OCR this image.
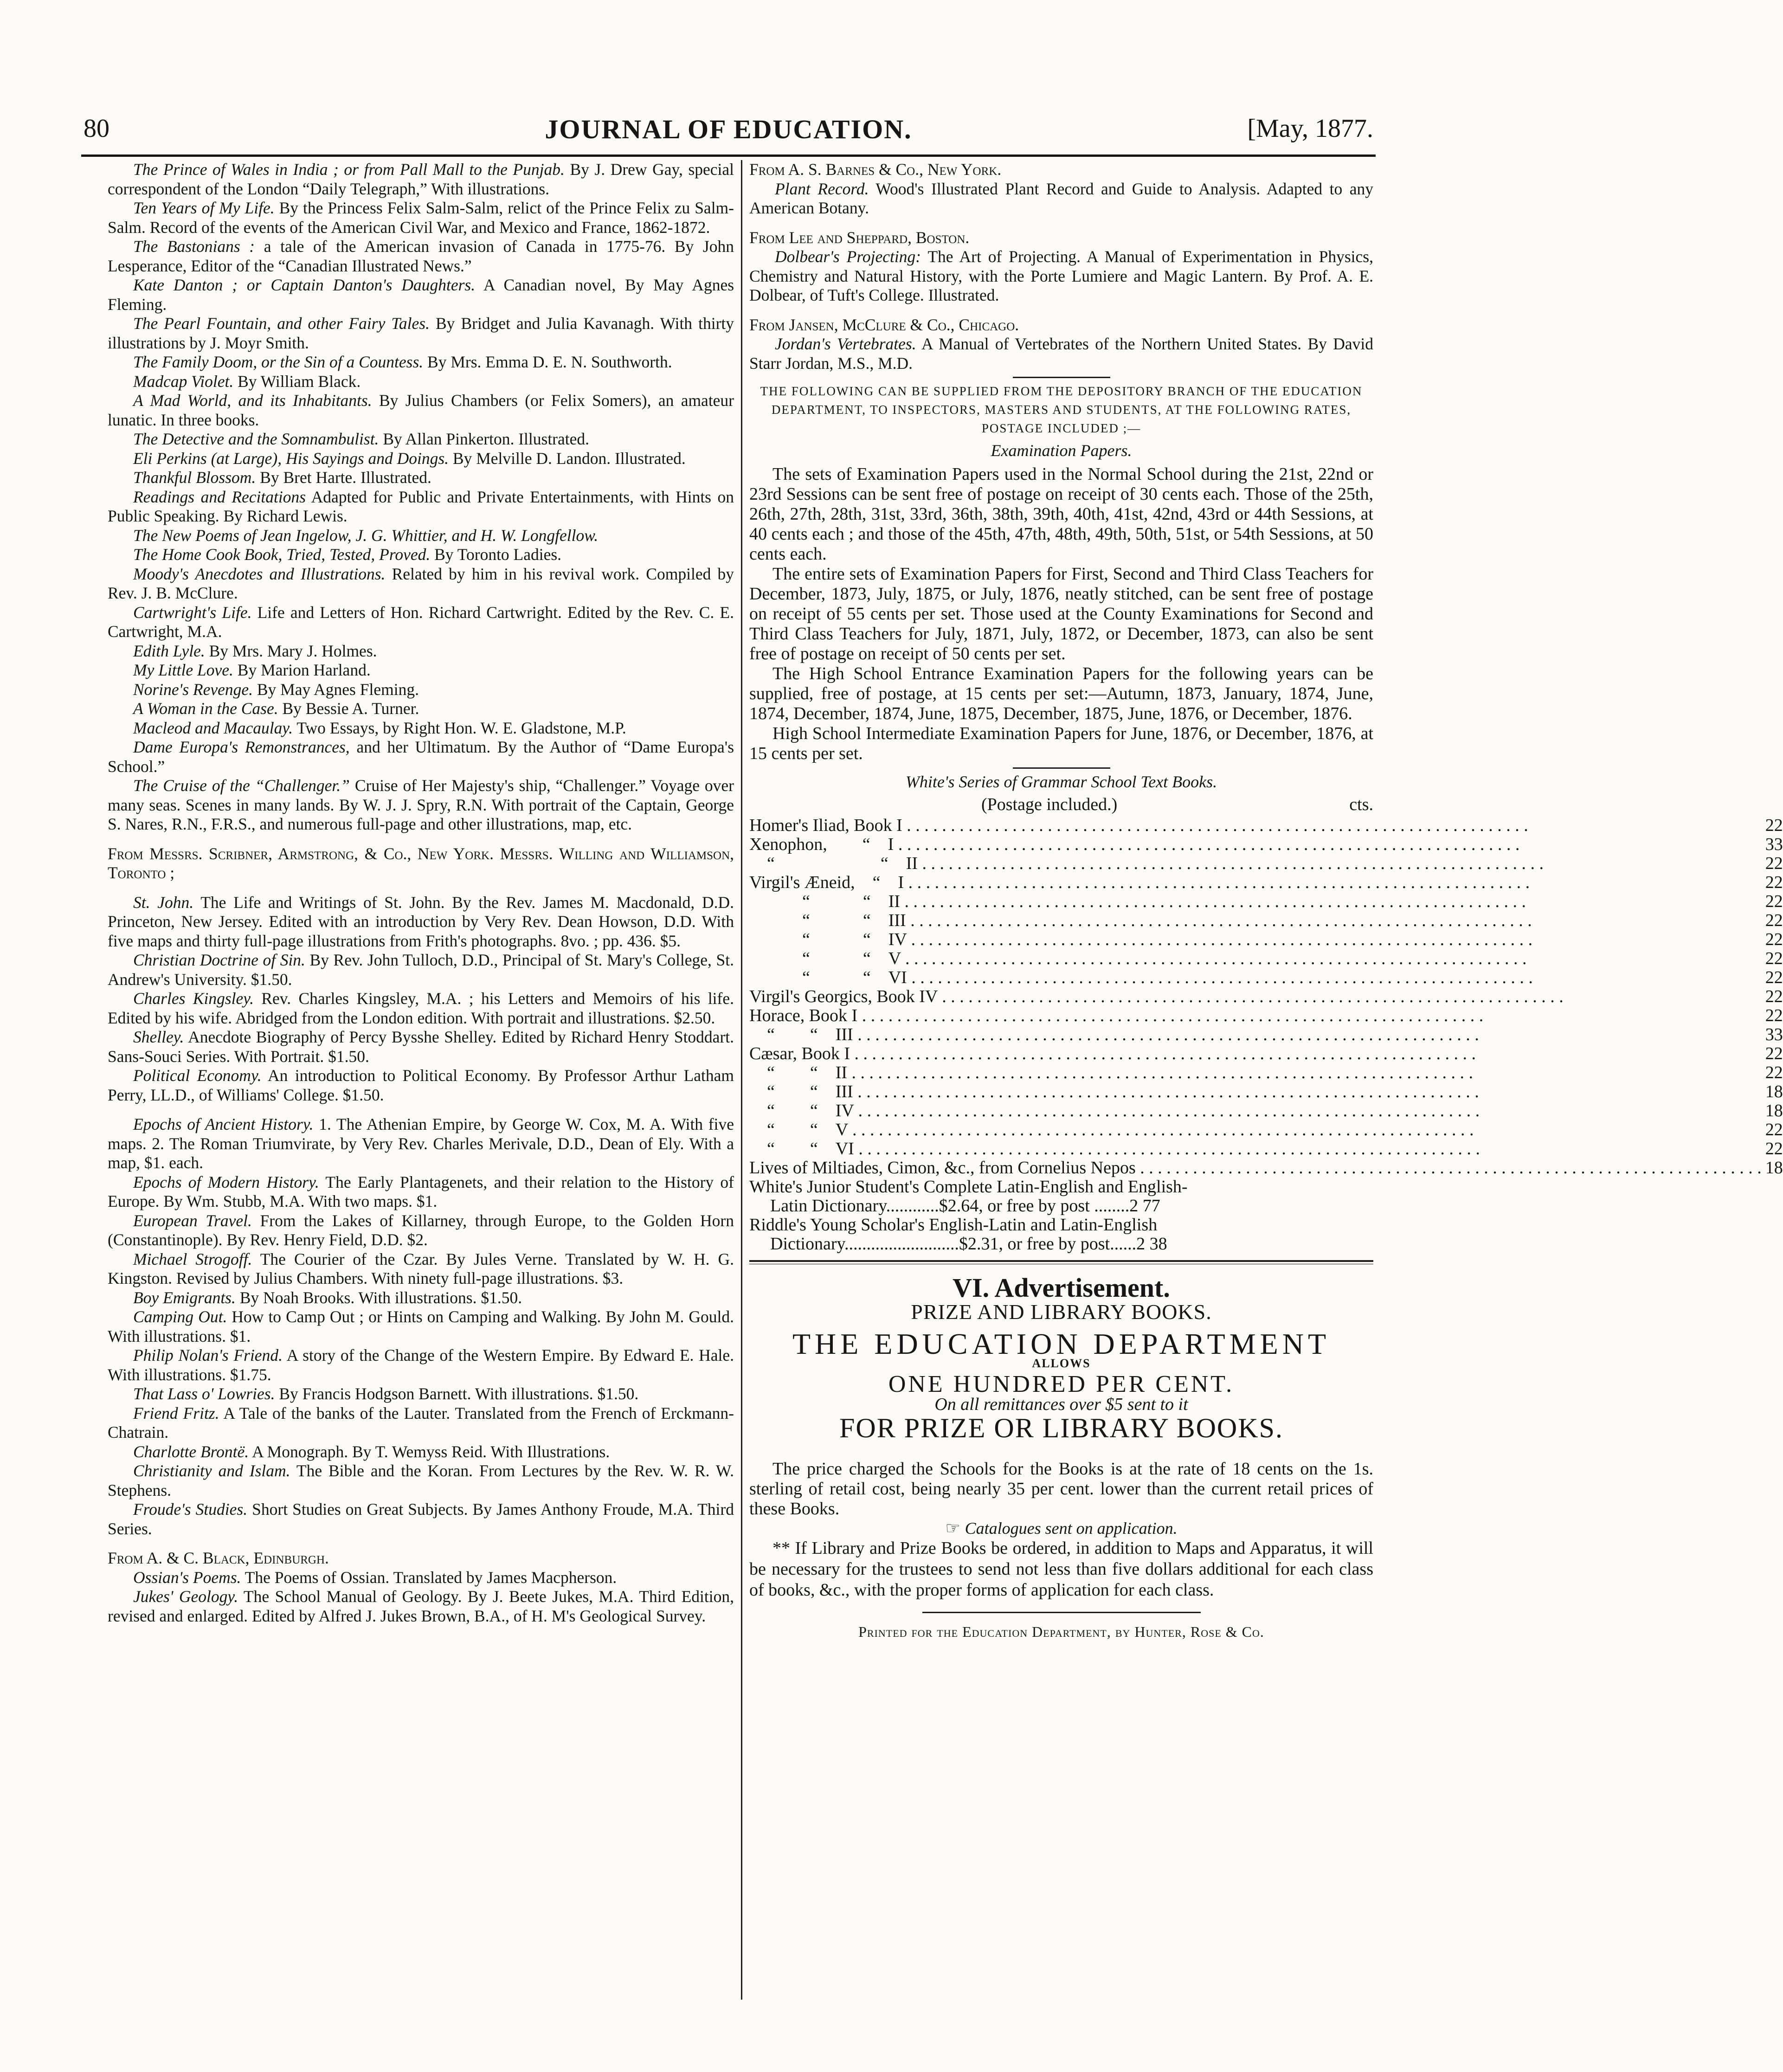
80	JOURNAL OF EDUCATION.	[May, 1877.

The Prince of Wales in India ; or from Pall Mall to the Punjab. By J. Drew Gay, special correspondent of the London “Daily Telegraph,” With illustrations.

Ten Years of My Life. By the Princess Felix Salm-Salm, relict of the Prince Felix zu Salm-Salm. Record of the events of the American Civil War, and Mexico and France, 1862-1872.

The Bastonians : a tale of the American invasion of Canada in 1775-76. By John Lesperance, Editor of the “Canadian Illustrated News.”

Kate Danton ; or Captain Danton's Daughters. A Canadian novel, By May Agnes Fleming.

The Pearl Fountain, and other Fairy Tales. By Bridget and Julia Kavanagh. With thirty illustrations by J. Moyr Smith.

The Family Doom, or the Sin of a Countess. By Mrs. Emma D. E. N. Southworth.

Madcap Violet. By William Black.

A Mad World, and its Inhabitants. By Julius Chambers (or Felix Somers), an amateur lunatic. In three books.

The Detective and the Somnambulist. By Allan Pinkerton. Illustrated.

Eli Perkins (at Large), His Sayings and Doings. By Melville D. Landon. Illustrated.

Thankful Blossom. By Bret Harte. Illustrated.

Readings and Recitations Adapted for Public and Private Entertainments, with Hints on Public Speaking. By Richard Lewis.

The New Poems of Jean Ingelow, J. G. Whittier, and H. W. Longfellow.

The Home Cook Book, Tried, Tested, Proved. By Toronto Ladies.

Moody's Anecdotes and Illustrations. Related by him in his revival work. Compiled by Rev. J. B. McClure.

Cartwright's Life. Life and Letters of Hon. Richard Cartwright. Edited by the Rev. C. E. Cartwright, M.A.

Edith Lyle. By Mrs. Mary J. Holmes.

My Little Love. By Marion Harland.

Norine's Revenge. By May Agnes Fleming.

A Woman in the Case. By Bessie A. Turner.

Macleod and Macaulay. Two Essays, by Right Hon. W. E. Gladstone, M.P.

Dame Europa's Remonstrances, and her Ultimatum. By the Author of “Dame Europa's School.”

The Cruise of the “Challenger.” Cruise of Her Majesty's ship, “Challenger.” Voyage over many seas. Scenes in many lands. By W. J. J. Spry, R.N. With portrait of the Captain, George S. Nares, R.N., F.R.S., and numerous full-page and other illustrations, map, etc.

From Messrs. Scribner, Armstrong, & Co., New York. Messrs. Willing and Williamson, Toronto ;

St. John. The Life and Writings of St. John. By the Rev. James M. Macdonald, D.D. Princeton, New Jersey. Edited with an introduction by Very Rev. Dean Howson, D.D. With five maps and thirty full-page illustrations from Frith's photographs. 8vo. ; pp. 436. $5.

Christian Doctrine of Sin. By Rev. John Tulloch, D.D., Principal of St. Mary's College, St. Andrew's University. $1.50.

Charles Kingsley. Rev. Charles Kingsley, M.A. ; his Letters and Memoirs of his life. Edited by his wife. Abridged from the London edition. With portrait and illustrations. $2.50.

Shelley. Anecdote Biography of Percy Bysshe Shelley. Edited by Richard Henry Stoddart. Sans-Souci Series. With Portrait. $1.50.

Political Economy. An introduction to Political Economy. By Professor Arthur Latham Perry, LL.D., of Williams' College. $1.50.

Epochs of Ancient History. 1. The Athenian Empire, by George W. Cox, M. A. With five maps. 2. The Roman Triumvirate, by Very Rev. Charles Merivale, D.D., Dean of Ely. With a map, $1. each.

Epochs of Modern History. The Early Plantagenets, and their relation to the History of Europe. By Wm. Stubb, M.A. With two maps. $1.

European Travel. From the Lakes of Killarney, through Europe, to the Golden Horn (Constantinople). By Rev. Henry Field, D.D. $2.

Michael Strogoff. The Courier of the Czar. By Jules Verne. Translated by W. H. G. Kingston. Revised by Julius Chambers. With ninety full-page illustrations. $3.

Boy Emigrants. By Noah Brooks. With illustrations. $1.50.

Camping Out. How to Camp Out ; or Hints on Camping and Walking. By John M. Gould. With illustrations. $1.

Philip Nolan's Friend. A story of the Change of the Western Empire. By Edward E. Hale. With illustrations. $1.75.

That Lass o' Lowries. By Francis Hodgson Barnett. With illustrations. $1.50.

Friend Fritz. A Tale of the banks of the Lauter. Translated from the French of Erckmann-Chatrain.

Charlotte Brontë. A Monograph. By T. Wemyss Reid. With Illustrations.

Christianity and Islam. The Bible and the Koran. From Lectures by the Rev. W. R. W. Stephens.

Froude's Studies. Short Studies on Great Subjects. By James Anthony Froude, M.A. Third Series.

From A. & C. Black, Edinburgh.

Ossian's Poems. The Poems of Ossian. Translated by James Macpherson.

Jukes' Geology. The School Manual of Geology. By J. Beete Jukes, M.A. Third Edition, revised and enlarged. Edited by Alfred J. Jukes Brown, B.A., of H. M's Geological Survey.

From A. S. Barnes & Co., New York.

Plant Record. Wood's Illustrated Plant Record and Guide to Analysis. Adapted to any American Botany.

From Lee and Sheppard, Boston.

Dolbear's Projecting: The Art of Projecting. A Manual of Experimentation in Physics, Chemistry and Natural History, with the Porte Lumiere and Magic Lantern. By Prof. A. E. Dolbear, of Tuft's College. Illustrated.

From Jansen, McClure & Co., Chicago.

Jordan's Vertebrates. A Manual of Vertebrates of the Northern United States. By David Starr Jordan, M.S., M.D.

THE FOLLOWING CAN BE SUPPLIED FROM THE DEPOSITORY BRANCH OF THE EDUCATION DEPARTMENT, TO INSPECTORS, MASTERS AND STUDENTS, AT THE FOLLOWING RATES, POSTAGE INCLUDED ;—

Examination Papers.

The sets of Examination Papers used in the Normal School during the 21st, 22nd or 23rd Sessions can be sent free of postage on receipt of 30 cents each. Those of the 25th, 26th, 27th, 28th, 31st, 33rd, 36th, 38th, 39th, 40th, 41st, 42nd, 43rd or 44th Sessions, at 40 cents each ; and those of the 45th, 47th, 48th, 49th, 50th, 51st, or 54th Sessions, at 50 cents each.

The entire sets of Examination Papers for First, Second and Third Class Teachers for December, 1873, July, 1875, or July, 1876, neatly stitched, can be sent free of postage on receipt of 55 cents per set. Those used at the County Examinations for Second and Third Class Teachers for July, 1871, July, 1872, or December, 1873, can also be sent free of postage on receipt of 50 cents per set.

The High School Entrance Examination Papers for the following years can be supplied, free of postage, at 15 cents per set:—Autumn, 1873, January, 1874, June, 1874, December, 1874, June, 1875, December, 1875, June, 1876, or December, 1876.

High School Intermediate Examination Papers for June, 1876, or December, 1876, at 15 cents per set.

White's Series of Grammar School Text Books.

(Postage included.)	cts.
Homer's Iliad, Book I . . .	22
Xenophon,  “ I . . .	33
 “      “ II . . .	22
Virgil's Æneid, “ I . . .	22
   “   “ II . . .	22
   “   “ III . . .	22
   “   “ IV . . .	22
   “   “ V . . .	22
   “   “ VI . . .	22
Virgil's Georgics, Book IV . . .	22
Horace, Book I . . .	22
 “  “ III . . .	33
Cæsar, Book I . . .	22
 “  “ II . . .	22
 “  “ III . . .	18
 “  “ IV . . .	18
 “  “ V . . .	22
 “  “ VI . . .	22
Lives of Miltiades, Cimon, &c., from Cornelius Nepos . . .	18

White's Junior Student's Complete Latin-English and English-

Latin Dictionary............$2.64, or free by post ........2 77

Riddle's Young Scholar's English-Latin and Latin-English

Dictionary..........................$2.31, or free by post......2 38

VI. Advertisement.

PRIZE AND LIBRARY BOOKS.

THE EDUCATION DEPARTMENT

ALLOWS

ONE HUNDRED PER CENT.

On all remittances over $5 sent to it

FOR PRIZE OR LIBRARY BOOKS.

The price charged the Schools for the Books is at the rate of 18 cents on the 1s. sterling of retail cost, being nearly 35 per cent. lower than the current retail prices of these Books.

☞ Catalogues sent on application.

** If Library and Prize Books be ordered, in addition to Maps and Apparatus, it will be necessary for the trustees to send not less than five dollars additional for each class of books, &c., with the proper forms of application for each class.

Printed for the Education Department, by Hunter, Rose & Co.
